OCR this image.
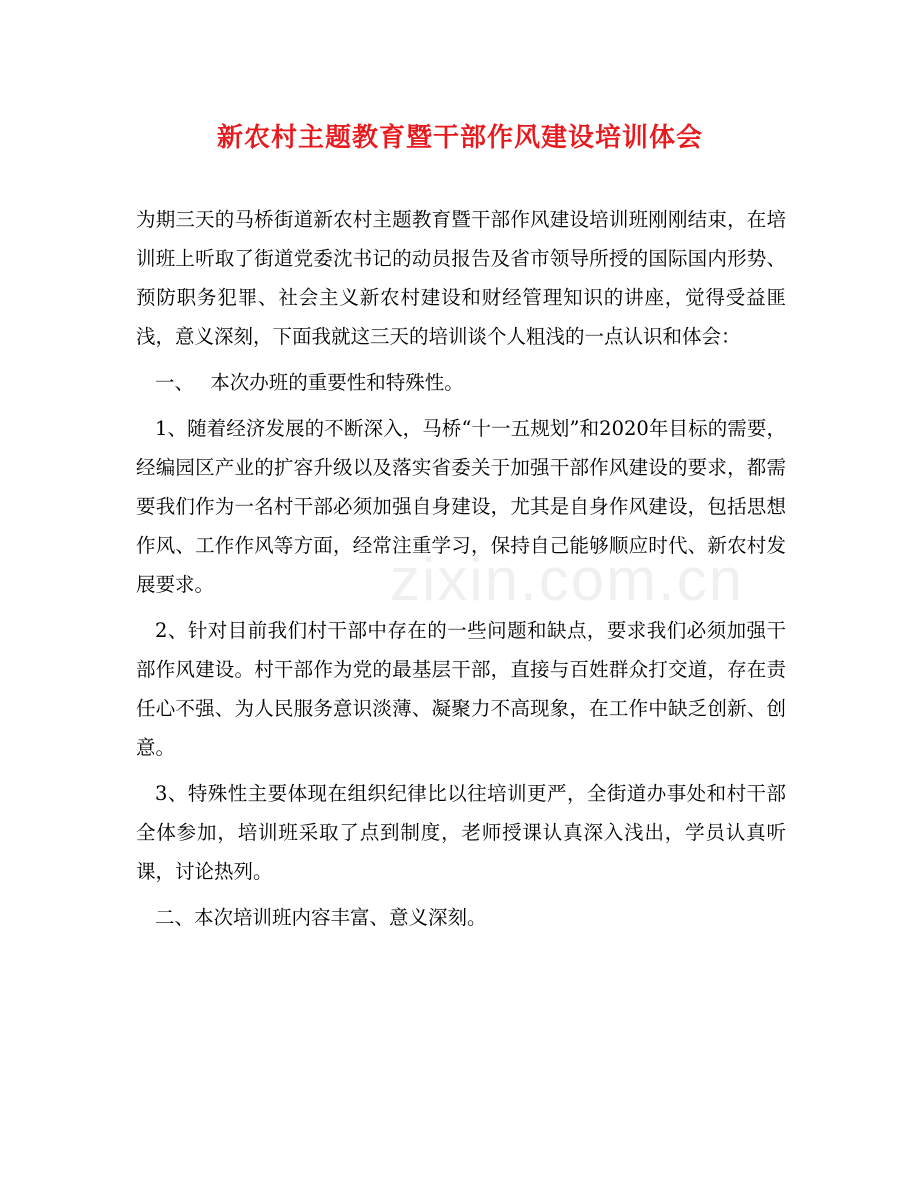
新农村主题教育暨干部作风建设培训体会

为期三天的马桥街道新农村主题教育暨干部作风建设培训班刚刚结束，在培训班上听取了街道党委沈书记的动员报告及省市领导所授的国际国内形势、预防职务犯罪、社会主义新农村建设和财经管理知识的讲座，觉得受益匪浅，意义深刻，下面我就这三天的培训谈个人粗浅的一点认识和体会：

一、 本次办班的重要性和特殊性。

1、随着经济发展的不断深入，马桥“十一五规划”和2020年目标的需要，经编园区产业的扩容升级以及落实省委关于加强干部作风建设的要求，都需要我们作为一名村干部必须加强自身建设，尤其是自身作风建设，包括思想作风、工作作风等方面，经常注重学习，保持自己能够顺应时代、新农村发展要求。

2、针对目前我们村干部中存在的一些问题和缺点，要求我们必须加强干部作风建设。村干部作为党的最基层干部，直接与百姓群众打交道，存在责任心不强、为人民服务意识淡薄、凝聚力不高现象，在工作中缺乏创新、创意。

3、特殊性主要体现在组织纪律比以往培训更严，全街道办事处和村干部全体参加，培训班采取了点到制度，老师授课认真深入浅出，学员认真听课，讨论热列。

二、本次培训班内容丰富、意义深刻。

zixin.com.cn
